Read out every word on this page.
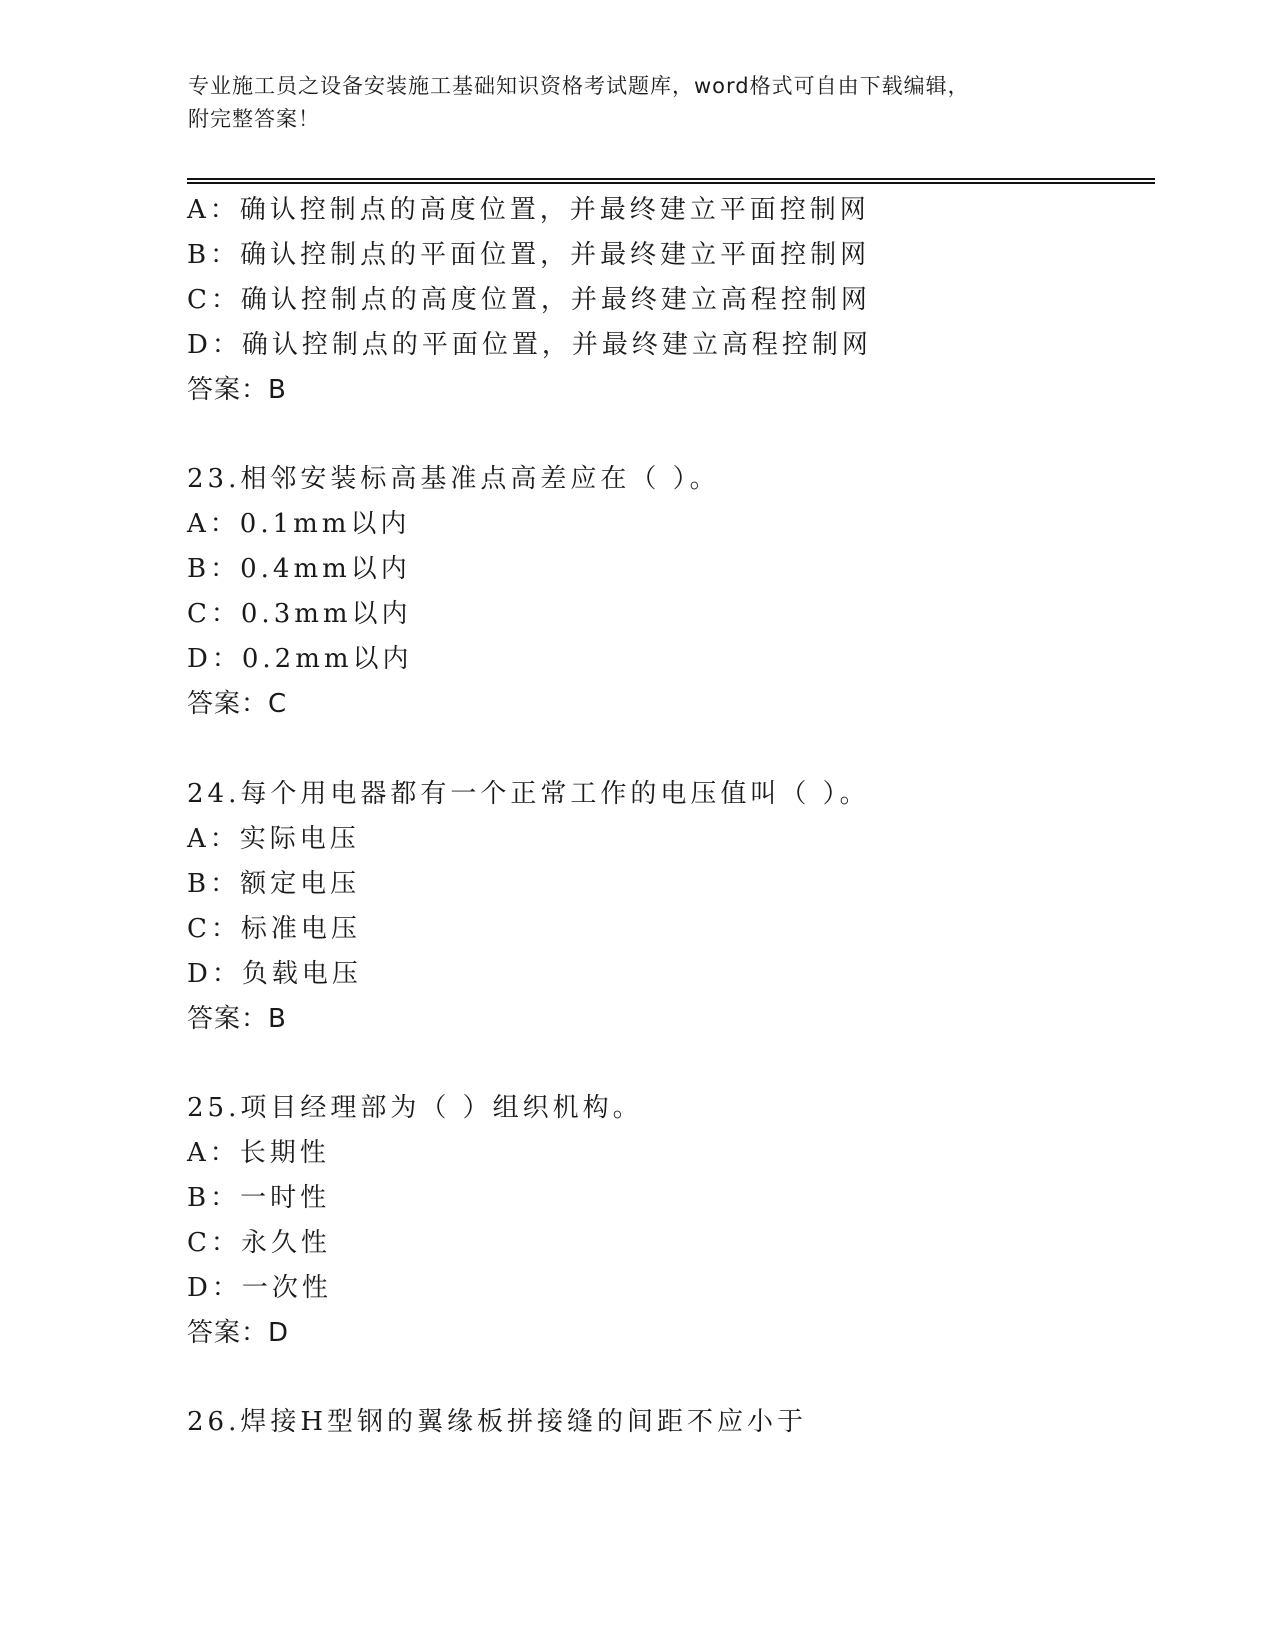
专业施工员之设备安装施工基础知识资格考试题库，word格式可自由下载编辑，
附完整答案！
A：确认控制点的高度位置，并最终建立平面控制网
B：确认控制点的平面位置，并最终建立平面控制网
C：确认控制点的高度位置，并最终建立高程控制网
D：确认控制点的平面位置，并最终建立高程控制网
答案：B
23.相邻安装标高基准点高差应在（ ）。
A：0.1mm以内
B：0.4mm以内
C：0.3mm以内
D：0.2mm以内
答案：C
24.每个用电器都有一个正常工作的电压值叫（ ）。
A：实际电压
B：额定电压
C：标准电压
D：负载电压
答案：B
25.项目经理部为（ ）组织机构。
A：长期性
B：一时性
C：永久性
D：一次性
答案：D
26.焊接H型钢的翼缘板拼接缝的间距不应小于
